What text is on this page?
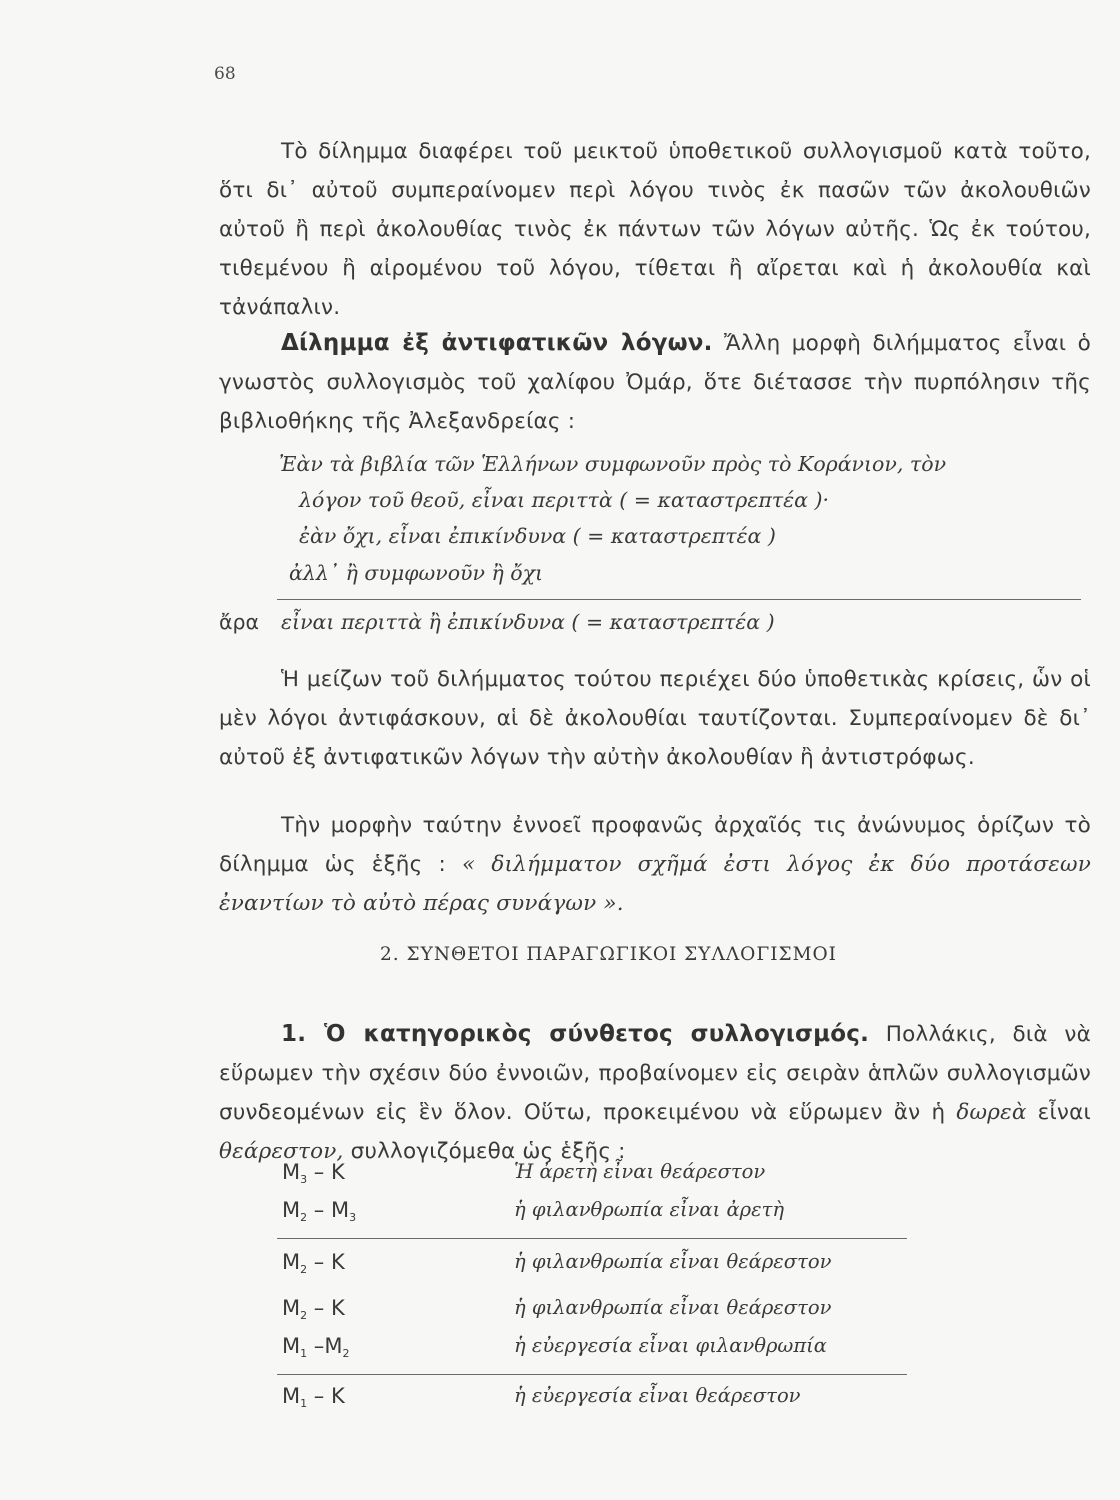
68
Τὸ δίλημμα διαφέρει τοῦ μεικτοῦ ὑποθετικοῦ συλλογισμοῦ κατὰ τοῦτο, ὅτι δι᾿ αὐτοῦ συμπεραίνομεν περὶ λόγου τινὸς ἐκ πασῶν τῶν ἀκολουθιῶν αὐτοῦ ἢ περὶ ἀκολουθίας τινὸς ἐκ πάντων τῶν λόγων αὐτῆς. Ὡς ἐκ τούτου, τιθεμένου ἢ αἰρομένου τοῦ λόγου, τίθεται ἢ αἴρεται καὶ ἡ ἀκολουθία καὶ τἀνάπαλιν.
Δίλημμα ἐξ ἀντιφατικῶν λόγων. Ἄλλη μορφὴ διλήμματος εἶναι ὁ γνωστὸς συλλογισμὸς τοῦ χαλίφου Ὀμάρ, ὅτε διέτασσε τὴν πυρπόλησιν τῆς βιβλιοθήκης τῆς Ἀλεξανδρείας :
Ἐὰν τὰ βιβλία τῶν Ἑλλήνων συμφωνοῦν πρὸς τὸ Κοράνιον, τὸν
λόγον τοῦ θεοῦ, εἶναι περιττὰ ( = καταστρεπτέα )·
ἐὰν ὄχι, εἶναι ἐπικίνδυνα ( = καταστρεπτέα )
ἀλλ᾿ ἢ συμφωνοῦν ἢ ὄχι
ἄρα εἶναι περιττὰ ἢ ἐπικίνδυνα ( = καταστρεπτέα )
Ἡ μείζων τοῦ διλήμματος τούτου περιέχει δύο ὑποθετικὰς κρίσεις, ὧν οἱ μὲν λόγοι ἀντιφάσκουν, αἱ δὲ ἀκολουθίαι ταυτίζονται. Συμπεραίνομεν δὲ δι᾿ αὐτοῦ ἐξ ἀντιφατικῶν λόγων τὴν αὐτὴν ἀκολουθίαν ἢ ἀντιστρόφως.
Τὴν μορφὴν ταύτην ἐννοεῖ προφανῶς ἀρχαῖός τις ἀνώνυμος ὁρίζων τὸ δίλημμα ὡς ἑξῆς : « διλήμματον σχῆμά ἐστι λόγος ἐκ δύο προτάσεων ἐναντίων τὸ αὐτὸ πέρας συνάγων ».
2. ΣΥΝΘΕΤΟΙ ΠΑΡΑΓΩΓΙΚΟΙ ΣΥΛΛΟΓΙΣΜΟΙ
1. Ὁ κατηγορικὸς σύνθετος συλλογισμός. Πολλάκις, διὰ νὰ εὕρωμεν τὴν σχέσιν δύο ἐννοιῶν, προβαίνομεν εἰς σειρὰν ἁπλῶν συλλογισμῶν συνδεομένων εἰς ἓν ὅλον. Οὕτω, προκειμένου νὰ εὕρωμεν ἂν ἡ δωρεὰ εἶναι θεάρεστον, συλλογιζόμεθα ὡς ἑξῆς :
$M_3$ – K	Ἡ ἀρετὴ εἶναι θεάρεστον
$M_2 - M_3$	ἡ φιλανθρωπία εἶναι ἀρετὴ
$M_2$ – K	ἡ φιλανθρωπία εἶναι θεάρεστον
$M_2$ – K	ἡ φιλανθρωπία εἶναι θεάρεστον
$M_1$ $-M_2$	ἡ εὐεργεσία εἶναι φιλανθρωπία
$M_1$ – K	ἡ εὐεργεσία εἶναι θεάρεστον
